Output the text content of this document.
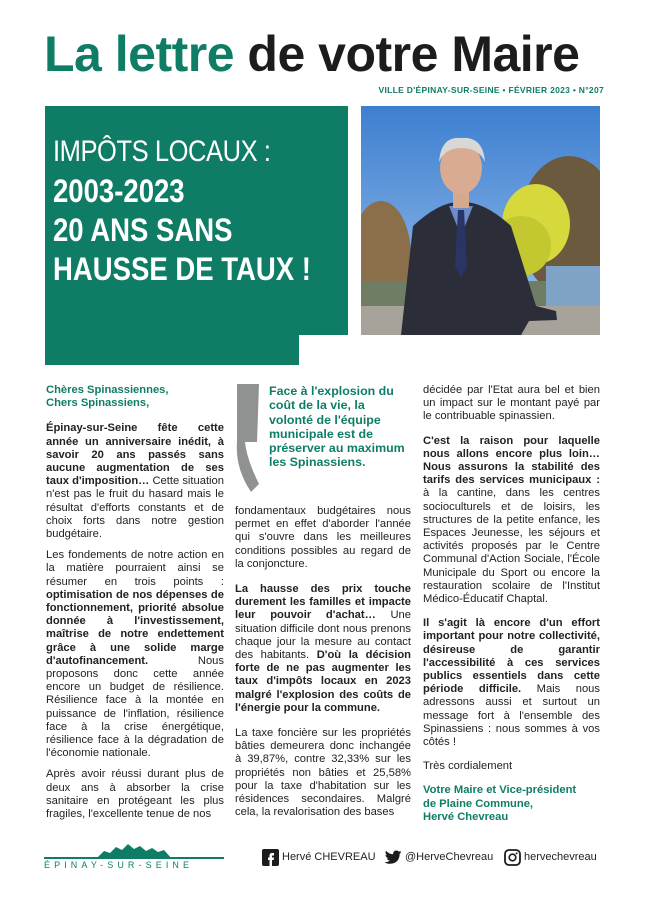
La lettre de votre Maire
VILLE D'ÉPINAY-SUR-SEINE • FÉVRIER 2023 • N°207
IMPÔTS LOCAUX :
2003-2023
20 ANS SANS
HAUSSE DE TAUX !

Chères Spinassiennes,
Chers Spinassiens,

Épinay-sur-Seine fête cette année un anniversaire inédit, à savoir 20 ans passés sans aucune augmentation de ses taux d'imposition… Cette situation n'est pas le fruit du hasard mais le résultat d'efforts constants et de choix forts dans notre gestion budgétaire.

Les fondements de notre action en la matière pourraient ainsi se résumer en trois points : optimisation de nos dépenses de fonctionnement, priorité absolue donnée à l'investissement, maîtrise de notre endettement grâce à une solide marge d'autofinancement. Nous proposons donc cette année encore un budget de résilience. Résilience face à la montée en puissance de l'inflation, résilience face à la crise énergétique, résilience face à la dégradation de l'économie nationale.

Après avoir réussi durant plus de deux ans à absorber la crise sanitaire en protégeant les plus fragiles, l'excellente tenue de nos

Face à l'explosion du coût de la vie, la volonté de l'équipe municipale est de préserver au maximum les Spinassiens.

fondamentaux budgétaires nous permet en effet d'aborder l'année qui s'ouvre dans les meilleures conditions possibles au regard de la conjoncture.

La hausse des prix touche durement les familles et impacte leur pouvoir d'achat… Une situation difficile dont nous prenons chaque jour la mesure au contact des habitants. D'où la décision forte de ne pas augmenter les taux d'impôts locaux en 2023 malgré l'explosion des coûts de l'énergie pour la commune.

La taxe foncière sur les propriétés bâties demeurera donc inchangée à 39,87%, contre 32,33% sur les propriétés non bâties et 25,58% pour la taxe d'habitation sur les résidences secondaires. Malgré cela, la revalorisation des bases

décidée par l'Etat aura bel et bien un impact sur le montant payé par le contribuable spinassien.

C'est la raison pour laquelle nous allons encore plus loin… Nous assurons la stabilité des tarifs des services municipaux : à la cantine, dans les centres socioculturels et de loisirs, les structures de la petite enfance, les Espaces Jeunesse, les séjours et activités proposés par le Centre Communal d'Action Sociale, l'École Municipale du Sport ou encore la restauration scolaire de l'Institut Médico-Éducatif Chaptal.

Il s'agit là encore d'un effort important pour notre collectivité, désireuse de garantir l'accessibilité à ces services publics essentiels dans cette période difficile. Mais nous adressons aussi et surtout un message fort à l'ensemble des Spinassiens : nous sommes à vos côtés !

Très cordialement

Votre Maire et Vice-président
de Plaine Commune,
Hervé Chevreau

ÉPINAY-SUR-SEINE
Hervé CHEVREAU	@HerveChevreau	hervechevreau
